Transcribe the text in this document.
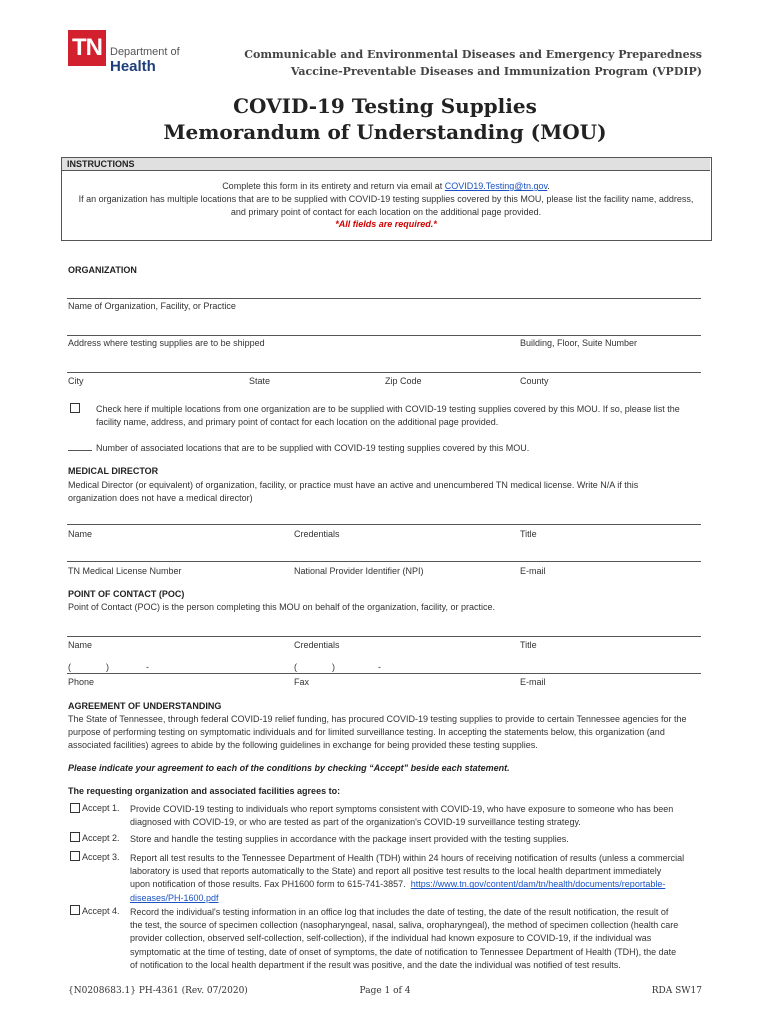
TN Department of
Health
Communicable and Environmental Diseases and Emergency Preparedness
Vaccine-Preventable Diseases and Immunization Program (VPDIP)
COVID-19 Testing Supplies
Memorandum of Understanding (MOU)
INSTRUCTIONS
Complete this form in its entirety and return via email at COVID19.Testing@tn.gov.
If an organization has multiple locations that are to be supplied with COVID-19 testing supplies covered by this MOU, please list the facility name, address,
and primary point of contact for each location on the additional page provided.
*All fields are required.*
ORGANIZATION
Name of Organization, Facility, or Practice
Address where testing supplies are to be shipped	Building, Floor, Suite Number
City	State	Zip Code	County
Check here if multiple locations from one organization are to be supplied with COVID-19 testing supplies covered by this MOU. If so, please list the
facility name, address, and primary point of contact for each location on the additional page provided.
Number of associated locations that are to be supplied with COVID-19 testing supplies covered by this MOU.
MEDICAL DIRECTOR
Medical Director (or equivalent) of organization, facility, or practice must have an active and unencumbered TN medical license. Write N/A if this
organization does not have a medical director)
Name	Credentials	Title
TN Medical License Number	National Provider Identifier (NPI)	E-mail
POINT OF CONTACT (POC)
Point of Contact (POC) is the person completing this MOU on behalf of the organization, facility, or practice.
Name	Credentials	Title
(	)	-	(	)	-
Phone	Fax	E-mail
AGREEMENT OF UNDERSTANDING
The State of Tennessee, through federal COVID-19 relief funding, has procured COVID-19 testing supplies to provide to certain Tennessee agencies for the
purpose of performing testing on symptomatic individuals and for limited surveillance testing. In accepting the statements below, this organization (and
associated facilities) agrees to abide by the following guidelines in exchange for being provided these testing supplies.
Please indicate your agreement to each of the conditions by checking “Accept” beside each statement.
The requesting organization and associated facilities agrees to:
Accept 1. Provide COVID-19 testing to individuals who report symptoms consistent with COVID-19, who have exposure to someone who has been
diagnosed with COVID-19, or who are tested as part of the organization's COVID-19 surveillance testing strategy.
Accept 2. Store and handle the testing supplies in accordance with the package insert provided with the testing supplies.
Accept 3. Report all test results to the Tennessee Department of Health (TDH) within 24 hours of receiving notification of results (unless a commercial
laboratory is used that reports automatically to the State) and report all positive test results to the local health department immediately
upon notification of those results. Fax PH1600 form to 615-741-3857. https://www.tn.gov/content/dam/tn/health/documents/reportable-
diseases/PH-1600.pdf
Accept 4. Record the individual's testing information in an office log that includes the date of testing, the date of the result notification, the result of
the test, the source of specimen collection (nasopharyngeal, nasal, saliva, oropharyngeal), the method of specimen collection (health care
provider collection, observed self-collection, self-collection), if the individual had known exposure to COVID-19, if the individual was
symptomatic at the time of testing, date of onset of symptoms, the date of notification to Tennessee Department of Health (TDH), the date
of notification to the local health department if the result was positive, and the date the individual was notified of test results.
{N0208683.1} PH-4361 (Rev. 07/2020)	Page 1 of 4	RDA SW17
